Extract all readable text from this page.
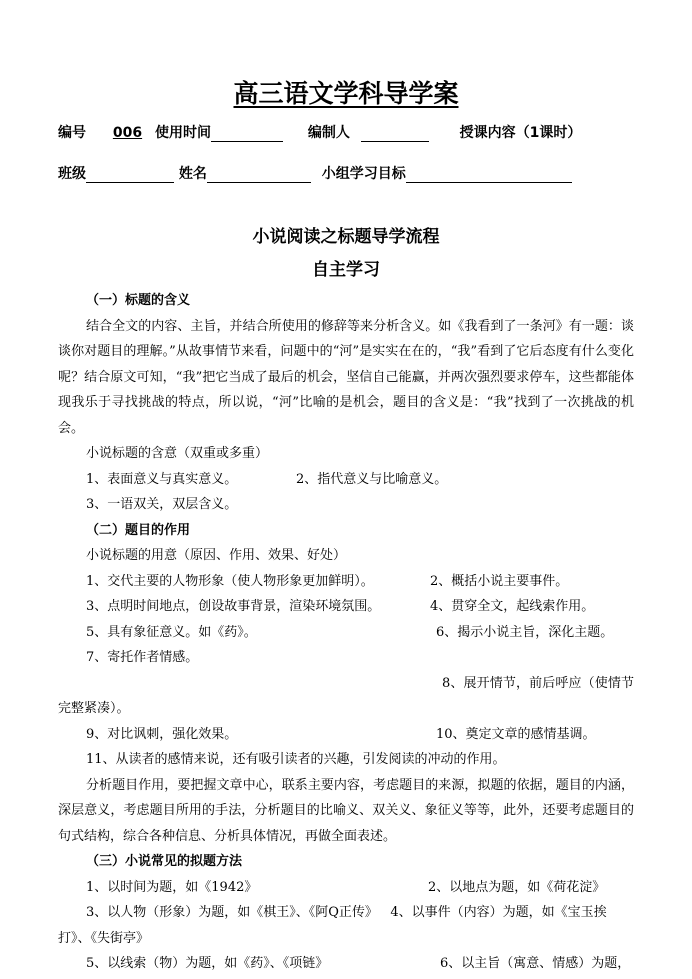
高三语文学科导学案
编号 006 使用时间	编制人	授课内容（1课时）
班级	姓名	小组学习目标
小说阅读之标题导学流程
自主学习
（一）标题的含义

结合全文的内容、主旨，并结合所使用的修辞等来分析含义。如《我看到了一条河》有一题：谈谈你对题目的理解。”从故事情节来看，问题中的“河”是实实在在的，“我”看到了它后态度有什么变化呢？结合原文可知，“我”把它当成了最后的机会，坚信自己能赢，并两次强烈要求停车，这些都能体现我乐于寻找挑战的特点，所以说，“河”比喻的是机会，题目的含义是：“我”找到了一次挑战的机会。

小说标题的含意（双重或多重）
1、表面意义与真实意义。	2、指代意义与比喻意义。

3、一语双关，双层含义。

（二）题目的作用
小说标题的用意（原因、作用、效果、好处）
1、交代主要的人物形象（使人物形象更加鲜明）。	2、概括小说主要事件。
3、点明时间地点，创设故事背景，渲染环境氛围。	4、贯穿全文，起线索作用。
5、具有象征意义。如《药》。	6、揭示小说主旨，深化主题。
7、寄托作者情感。

8、展开情节，前后呼应（使情节完整紧凑）。

9、对比讽刺，强化效果。	10、奠定文章的感情基调。
11、从读者的感情来说，还有吸引读者的兴趣，引发阅读的冲动的作用。

分析题目作用，要把握文章中心，联系主要内容，考虑题目的来源，拟题的依据，题目的内涵，深层意义，考虑题目所用的手法，分析题目的比喻义、双关义、象征义等等，此外，还要考虑题目的句式结构，综合各种信息、分析具体情况，再做全面表述。

（三）小说常见的拟题方法
1、以时间为题，如《1942》	2、以地点为题，如《荷花淀》

3、以人物（形象）为题，如《棋王》、《阿Q正传》 4、以事件（内容）为题，如《宝玉挨打》、《失街亭》

5、以线索（物）为题，如《药》、《项链》	6、以主旨（寓意、情感）为题，
